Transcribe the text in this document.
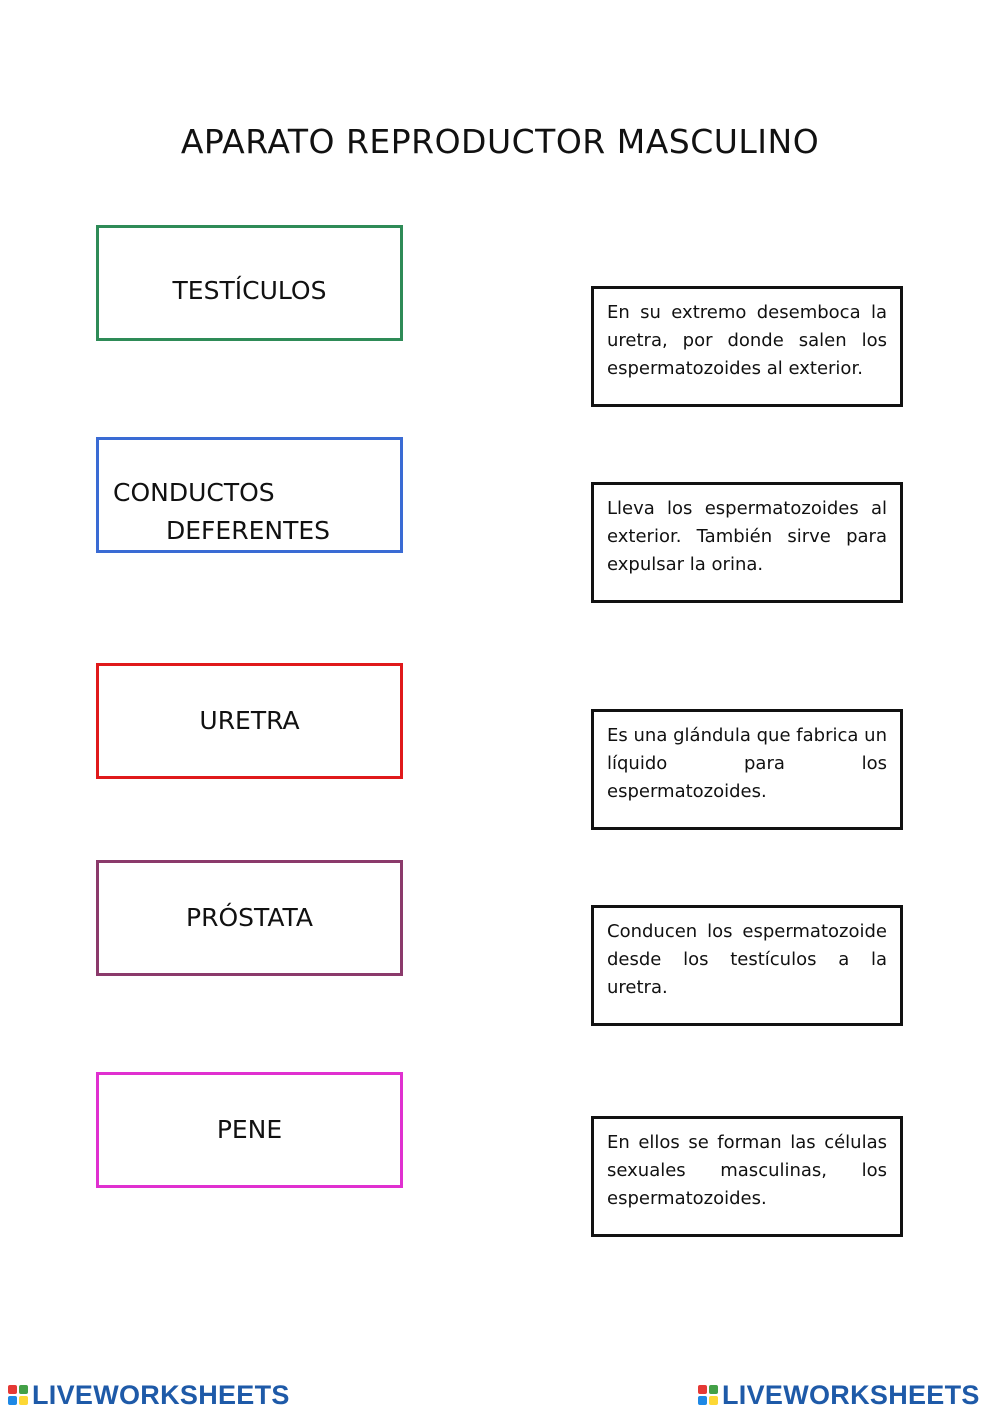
APARATO REPRODUCTOR MASCULINO
TESTÍCULOS
CONDUCTOS
DEFERENTES
URETRA
PRÓSTATA
PENE
En su extremo desemboca la uretra, por donde salen los espermatozoides al exterior.
Lleva los espermatozoides al exterior. También sirve para expulsar la orina.
Es una glándula que fabrica un líquido para los espermatozoides.
Conducen los espermatozoide desde los testículos a la uretra.
En ellos se forman las células sexuales masculinas, los espermatozoides.
LIVEWORKSHEETS	LIVEWORKSHEETS
